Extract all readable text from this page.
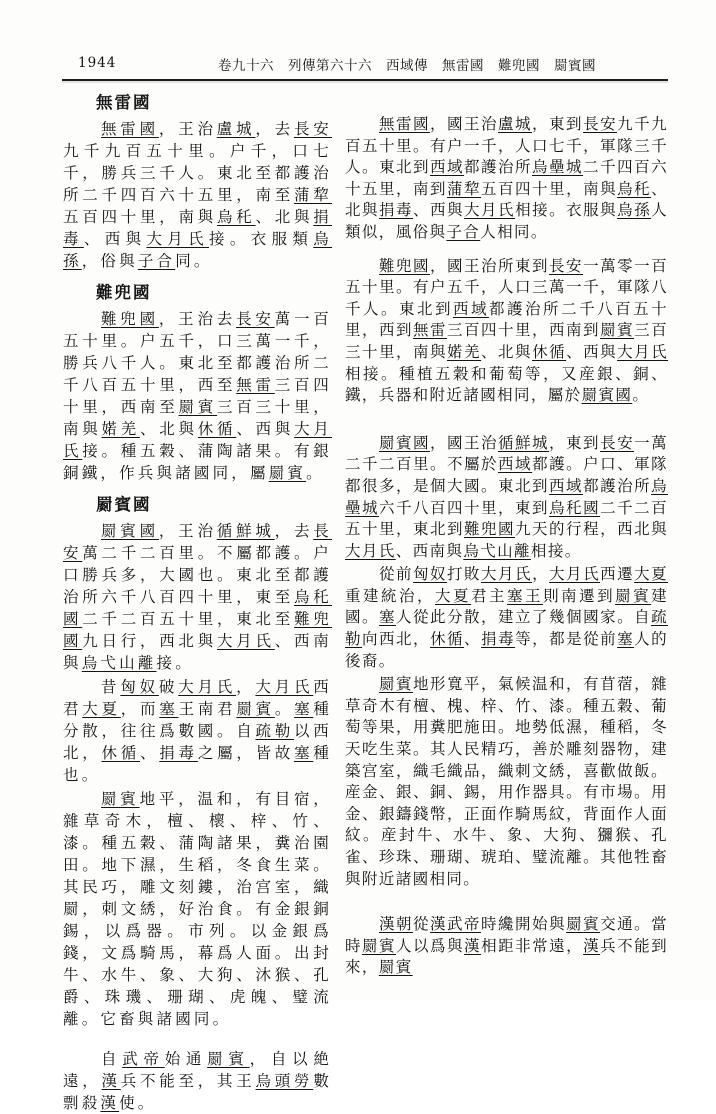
1944	卷九十六　列傳第六十六　西域傳　無雷國　難兜國　罽賓國
無雷國

無雷國，王治盧城，去長安九千九百五十里。户千，口七千，勝兵三千人。東北至都護治所二千四百六十五里，南至蒲犂五百四十里，南與烏秅、北與捐毒、西與大月氏接。衣服類烏孫，俗與子合同。

難兜國

難兜國，王治去長安萬一百五十里。户五千，口三萬一千，勝兵八千人。東北至都護治所二千八百五十里，西至無雷三百四十里，西南至罽賓三百三十里，南與婼羌、北與休循、西與大月氏接。種五穀、蒲陶諸果。有銀銅鐵，作兵與諸國同，屬罽賓。

罽賓國

罽賓國，王治循鮮城，去長安萬二千二百里。不屬都護。户口勝兵多，大國也。東北至都護治所六千八百四十里，東至烏秅國二千二百五十里，東北至難兜國九日行，西北與大月氏、西南與烏弋山離接。

昔匈奴破大月氏，大月氏西君大夏，而塞王南君罽賓。塞種分散，往往爲數國。自疏勒以西北，休循、捐毒之屬，皆故塞種也。

罽賓地平，温和，有目宿，雜草奇木，檀、櫰、梓、竹、漆。種五穀、蒲陶諸果，糞治園田。地下濕，生稻，冬食生菜。其民巧，雕文刻鏤，治宫室，織罽，刺文綉，好治食。有金銀銅錫，以爲器。市列。以金銀爲錢，文爲騎馬，幕爲人面。出封牛、水牛、象、大狗、沐猴、孔爵、珠璣、珊瑚、虎魄、璧流離。它畜與諸國同。

自武帝始通罽賓，自以絶遠，漢兵不能至，其王烏頭勞數剽殺漢使。

無雷國，國王治盧城，東到長安九千九百五十里。有户一千，人口七千，軍隊三千人。東北到西域都護治所烏壘城二千四百六十五里，南到蒲犂五百四十里，南與烏秅、北與捐毒、西與大月氏相接。衣服與烏孫人類似，風俗與子合人相同。

難兜國，國王治所東到長安一萬零一百五十里。有户五千，人口三萬一千，軍隊八千人。東北到西域都護治所二千八百五十里，西到無雷三百四十里，西南到罽賓三百三十里，南與婼羌、北與休循、西與大月氏相接。種植五穀和葡萄等，又産銀、銅、鐵，兵器和附近諸國相同，屬於罽賓國。

罽賓國，國王治循鮮城，東到長安一萬二千二百里。不屬於西域都護。户口、軍隊都很多，是個大國。東北到西域都護治所烏壘城六千八百四十里，東到烏秅國二千二百五十里，東北到難兜國九天的行程，西北與大月氏、西南與烏弋山離相接。

從前匈奴打敗大月氏，大月氏西遷大夏重建統治，大夏君主塞王則南遷到罽賓建國。塞人從此分散，建立了幾個國家。自疏勒向西北，休循、捐毒等，都是從前塞人的後裔。

罽賓地形寬平，氣候温和，有苜蓿，雜草奇木有檀、槐、梓、竹、漆。種五穀、葡萄等果，用糞肥施田。地勢低濕，種稻，冬天吃生菜。其人民精巧，善於雕刻器物，建築宫室，織毛織品，織刺文綉，喜歡做飯。産金、銀、銅、錫，用作器具。有市場。用金、銀鑄錢幣，正面作騎馬紋，背面作人面紋。産封牛、水牛、象、大狗、獼猴、孔雀、珍珠、珊瑚、琥珀、璧流離。其他牲畜與附近諸國相同。

漢朝從漢武帝時纔開始與罽賓交通。當時罽賓人以爲與漢相距非常遠，漢兵不能到來，罽賓
